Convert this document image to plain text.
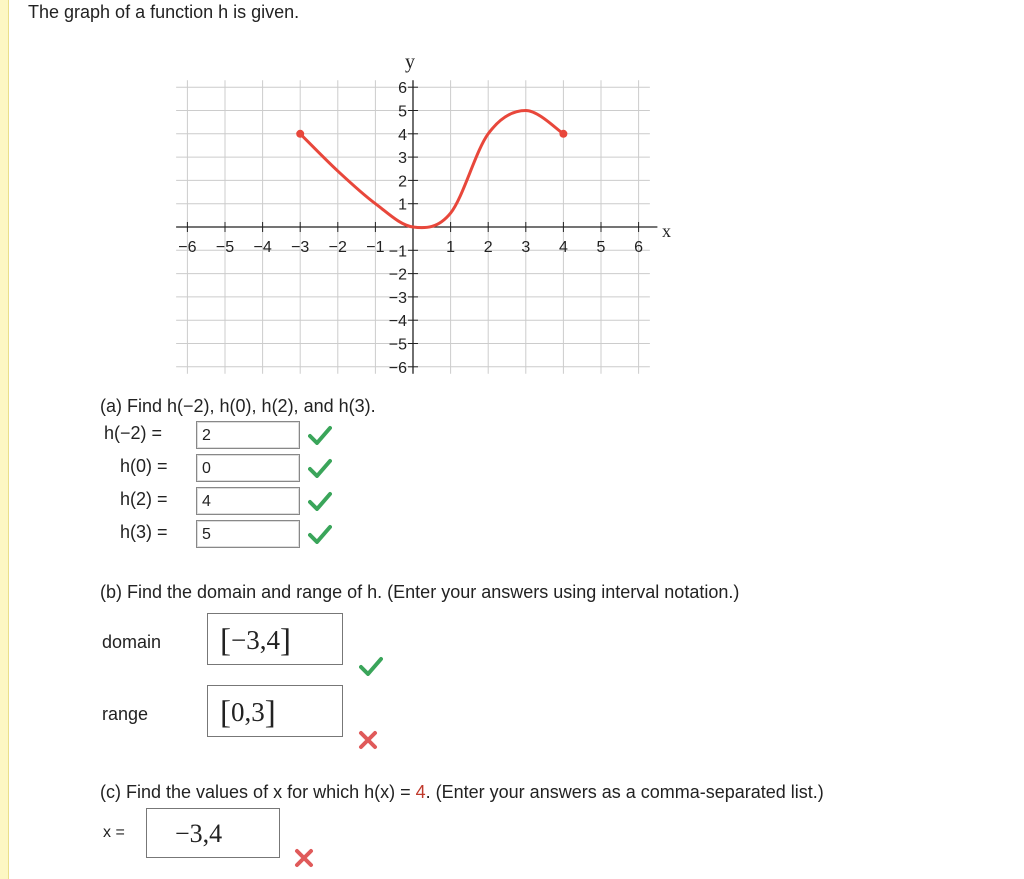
The graph of a function h is given.
−6 −5 −4 −3 −2 −1	1 2 3 4 5 6
6
5
4
3
2
1
−1
−2
−3
−4
−5
−6
y
x
(a) Find h(−2), h(0), h(2), and h(3).
h(−2) =	2
h(0) =	0
h(2) =	4
h(3) =	5
(b) Find the domain and range of h. (Enter your answers using interval notation.)
domain	[−3,4]
range	[0,3]
(c) Find the values of x for which h(x) = 4. (Enter your answers as a comma-separated list.)
x =	−3,4
